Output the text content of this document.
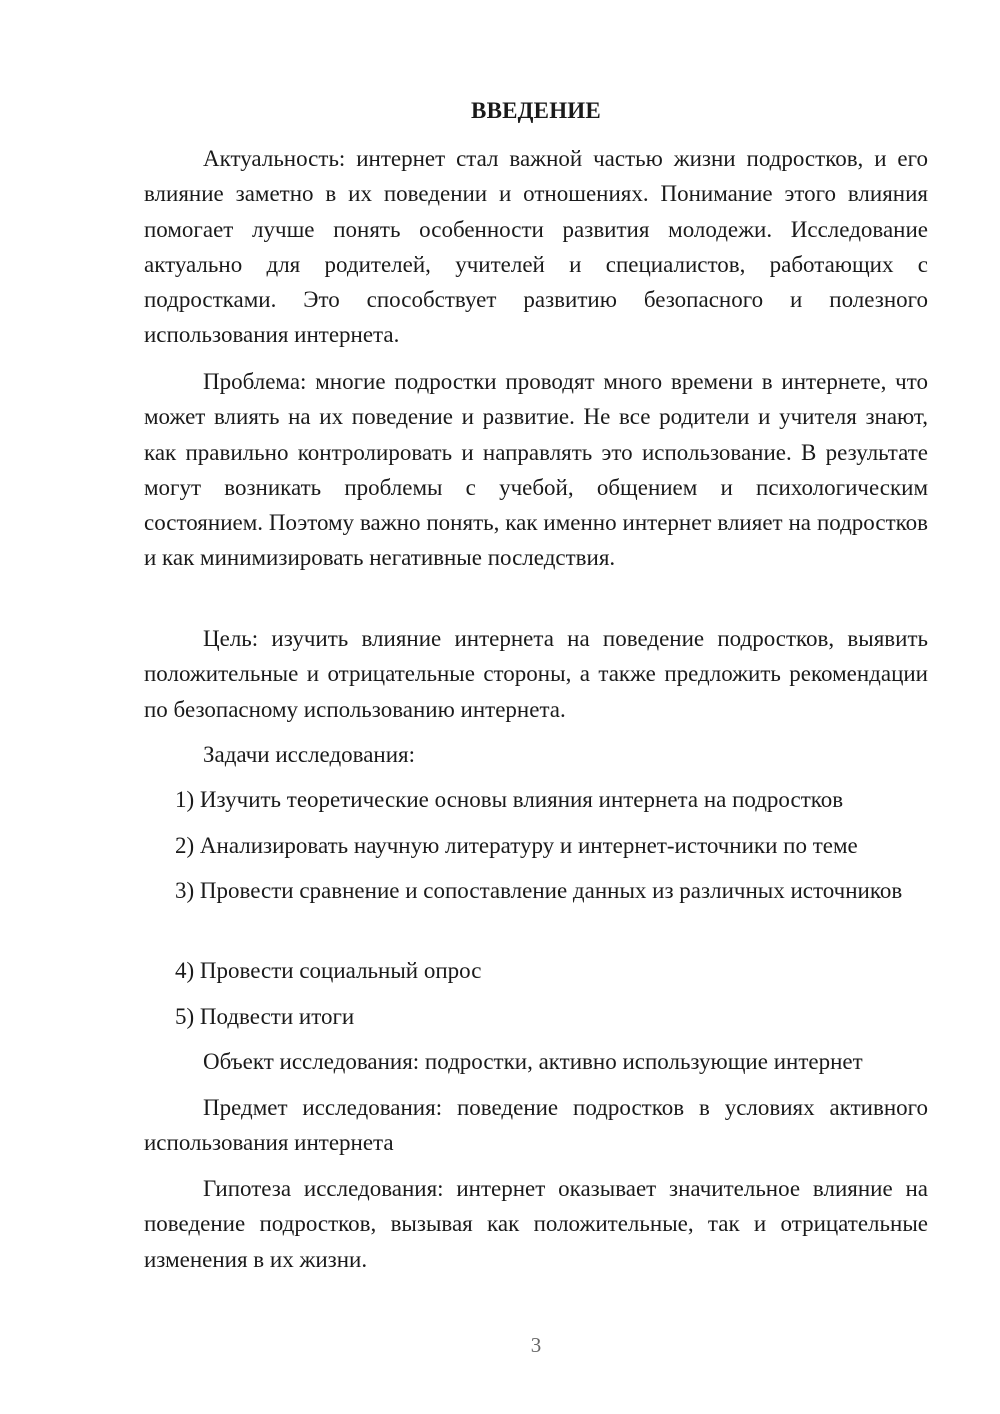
ВВЕДЕНИЕ

Актуальность: интернет стал важной частью жизни подростков, и его влияние заметно в их поведении и отношениях. Понимание этого влияния помогает лучше понять особенности развития молодежи. Исследование актуально для родителей, учителей и специалистов, работающих с подростками. Это способствует развитию безопасного и полезного использования интернета.

Проблема: многие подростки проводят много времени в интернете, что может влиять на их поведение и развитие. Не все родители и учителя знают, как правильно контролировать и направлять это использование. В результате могут возникать проблемы с учебой, общением и психологическим состоянием. Поэтому важно понять, как именно интернет влияет на подростков и как минимизировать негативные последствия.

Цель: изучить влияние интернета на поведение подростков, выявить положительные и отрицательные стороны, а также предложить рекомендации по безопасному использованию интернета.

Задачи исследования:

1) Изучить теоретические основы влияния интернета на подростков

2) Анализировать научную литературу и интернет-источники по теме

3) Провести сравнение и сопоставление данных из различных источников

4) Провести социальный опрос

5) Подвести итоги

Объект исследования: подростки, активно использующие интернет

Предмет исследования: поведение подростков в условиях активного использования интернета

Гипотеза исследования: интернет оказывает значительное влияние на поведение подростков, вызывая как положительные, так и отрицательные изменения в их жизни.

3
